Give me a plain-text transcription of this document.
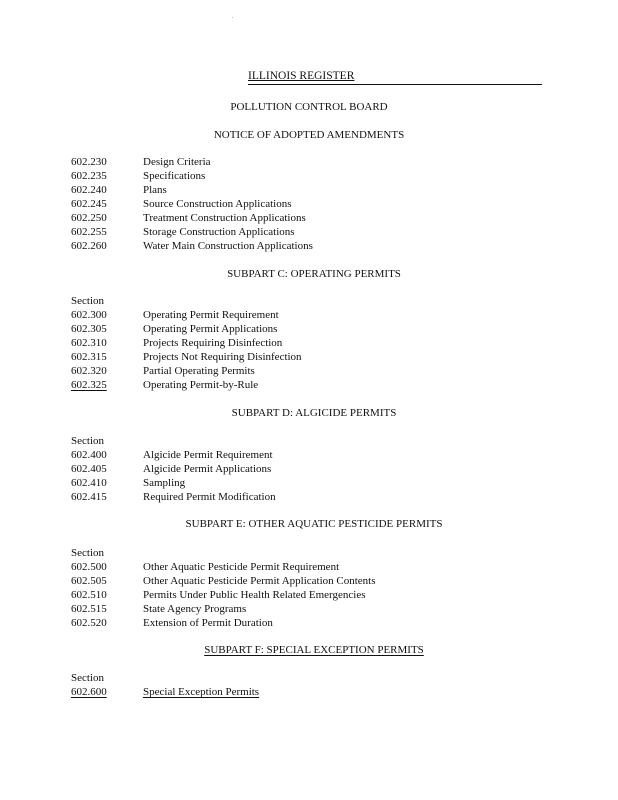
ILLINOIS REGISTER
POLLUTION CONTROL BOARD
NOTICE OF ADOPTED AMENDMENTS
602.230	Design Criteria
602.235	Specifications
602.240	Plans
602.245	Source Construction Applications
602.250	Treatment Construction Applications
602.255	Storage Construction Applications
602.260	Water Main Construction Applications
SUBPART C: OPERATING PERMITS
Section
602.300	Operating Permit Requirement
602.305	Operating Permit Applications
602.310	Projects Requiring Disinfection
602.315	Projects Not Requiring Disinfection
602.320	Partial Operating Permits
602.325	Operating Permit-by-Rule
SUBPART D: ALGICIDE PERMITS
Section
602.400	Algicide Permit Requirement
602.405	Algicide Permit Applications
602.410	Sampling
602.415	Required Permit Modification
SUBPART E: OTHER AQUATIC PESTICIDE PERMITS
Section
602.500	Other Aquatic Pesticide Permit Requirement
602.505	Other Aquatic Pesticide Permit Application Contents
602.510	Permits Under Public Health Related Emergencies
602.515	State Agency Programs
602.520	Extension of Permit Duration
SUBPART F: SPECIAL EXCEPTION PERMITS
Section
602.600	Special Exception Permits
